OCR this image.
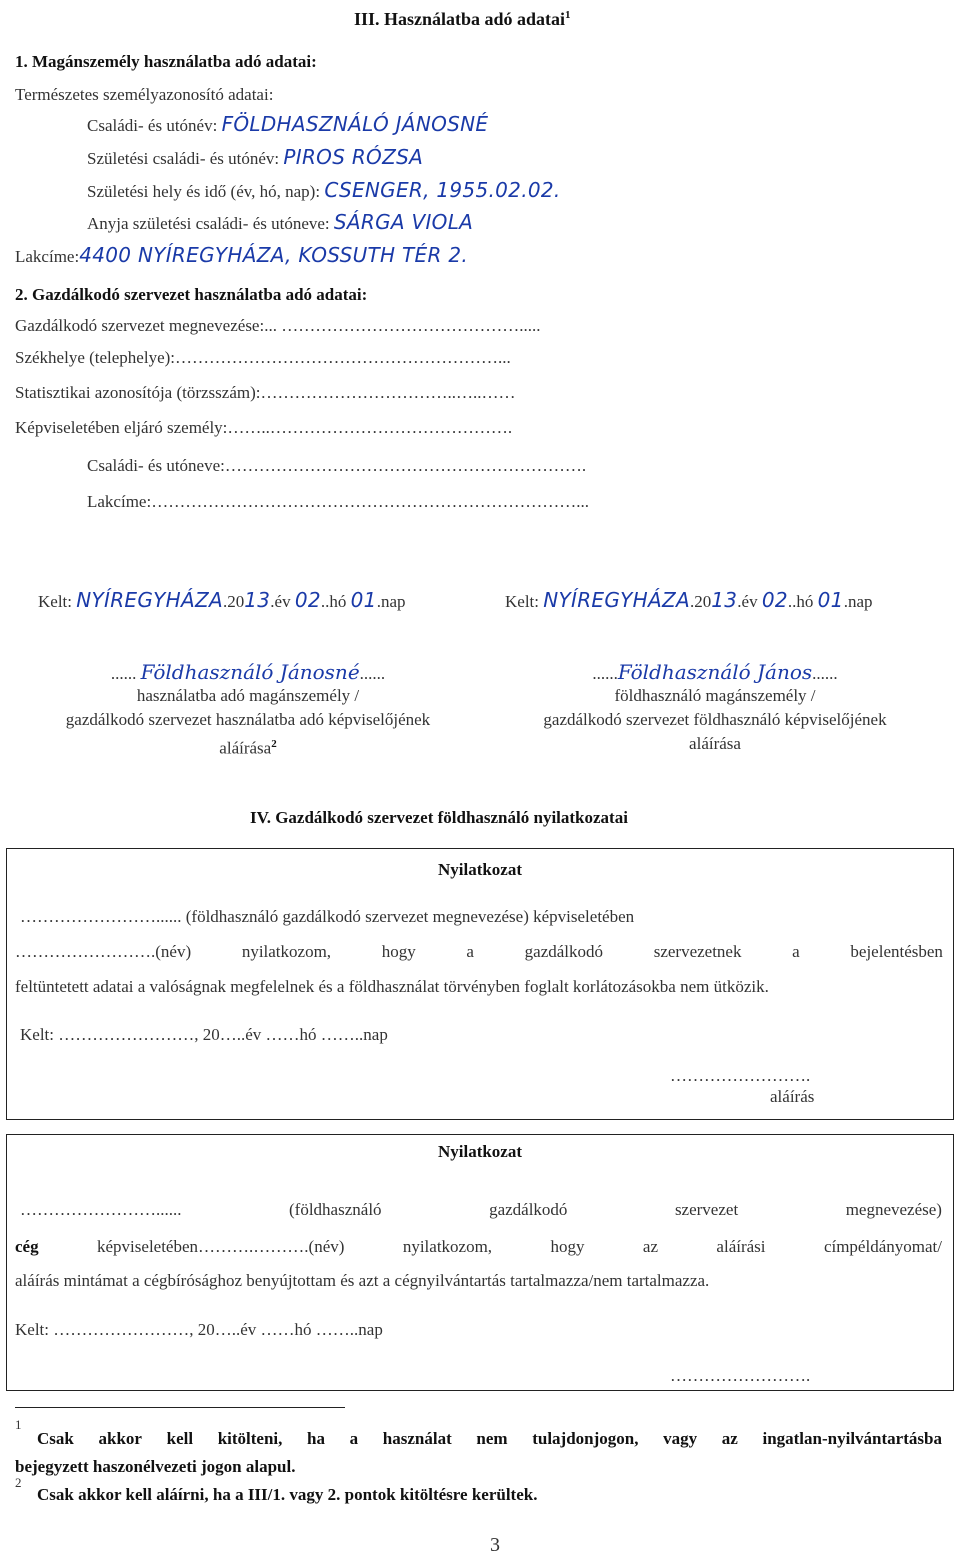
III. Használatba adó adatai$^1$
1. Magánszemély használatba adó adatai:
Természetes személyazonosító adatai:
Családi- és utónév: FÖLDHASZNÁLÓ JÁNOSNÉ
Születési családi- és utónév: PIROS RÓZSA
Születési hely és idő (év, hó, nap): CSENGER, 1955.02.02.
Anyja születési családi- és utóneve: SÁRGA VIOLA
Lakcíme:4400 NYÍREGYHÁZA, KOSSUTH TÉR 2.
2. Gazdálkodó szervezet használatba adó adatai:
Gazdálkodó szervezet megnevezése:... …………………………………….....
Székhelye (telephelye):…………………………………………………...
Statisztikai azonosítója (törzsszám):……………………………..…..……
Képviseletében eljáró személy:……..…………………………………….
Családi- és utóneve:……………………………………………………….
Lakcíme:…………………………………………………………………...
Kelt: NYÍREGYHÁZA.2013.év 02..hó 01.nap	Kelt: NYÍREGYHÁZA.2013.év 02..hó 01.nap
...... Földhasználó Jánosné......
használatba adó magánszemély /
gazdálkodó szervezet használatba adó képviselőjének
aláírása$^2$
......Földhasználó János......
földhasználó magánszemély /
gazdálkodó szervezet földhasználó képviselőjének
aláírása
IV. Gazdálkodó szervezet földhasználó nyilatkozatai
Nyilatkozat
……………………...... (földhasználó gazdálkodó szervezet megnevezése) képviseletében
…………………….(név)	nyilatkozom,	hogy	a	gazdálkodó	szervezetnek	a	bejelentésben
feltüntetett adatai a valóságnak megfelelnek és a földhasználat törvényben foglalt korlátozásokba nem ütközik.
Kelt: ……………………, 20…..év ……hó ……..nap
…………………….
aláírás
Nyilatkozat
……………………......	(földhasználó	gazdálkodó	szervezet	megnevezése)
cég	képviseletében……….……….(név)	nyilatkozom,	hogy	az	aláírási	címpéldányomat/
aláírás mintámat a cégbírósághoz benyújtottam és azt a cégnyilvántartás tartalmazza/nem tartalmazza.
Kelt: ……………………, 20…..év ……hó ……..nap
…………………….
1
Csak akkor kell kitölteni, ha a használat nem tulajdonjogon, vagy az ingatlan-nyilvántartásba
bejegyzett haszonélvezeti jogon alapul.
2
Csak akkor kell aláírni, ha a III/1. vagy 2. pontok kitöltésre kerültek.
3
